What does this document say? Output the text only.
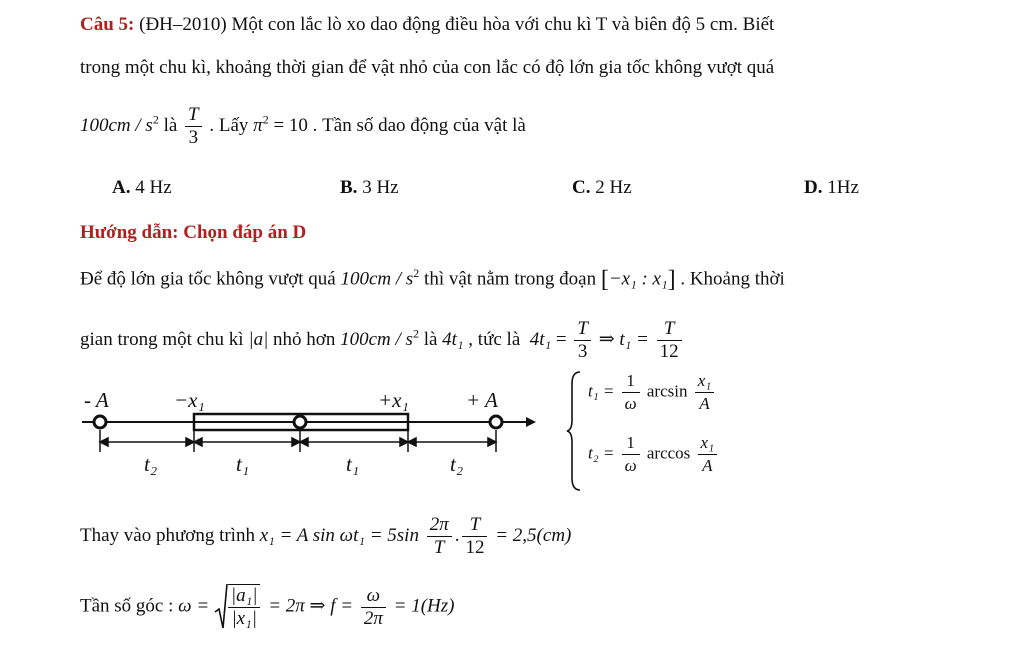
Câu 5: (ĐH–2010) Một con lắc lò xo dao động điều hòa với chu kì T và biên độ 5 cm. Biết
trong một chu kì, khoảng thời gian để vật nhỏ của con lắc có độ lớn gia tốc không vượt quá
$100cm / s^2$ là $\frac{T}{3}$ . Lấy $\pi^2 = 10$ . Tần số dao động của vật là
A. 4 Hz	B. 3 Hz	C. 2 Hz	D. 1Hz
Hướng dẫn: Chọn đáp án D
Để độ lớn gia tốc không vượt quá $100cm / s^2$ thì vật nằm trong đoạn [−x₁ : x₁] . Khoảng thời
gian trong một chu kì |a| nhỏ hơn $100cm / s^2$ là 4t₁ , tức là $4t_1 = \frac{T}{3}$ ⇒ $t_1 = \frac{T}{12}$
- A	−x₁	+x₁	+ A
t₂	t₁	t₁	t₂
$t_1 = \frac{1}{\omega}$ $\arcsin \frac{\text{x₁}}{A}$
$t_2 = \frac{1}{\omega}$ $\arccos \frac{\text{x₁}}{A}$
Thay vào phương trình x₁ = A $\sin \omega t_1 = 5\sin \frac{2\pi}{T}$ . $\frac{T}{12} = 2,5(cm)$
Tần số góc : $\omega = \frac{\text{|a₁|}}{\text{|x₁|}} = 2\pi$ ⇒ $f = \frac{\omega}{2\pi} = 1(Hz)$
